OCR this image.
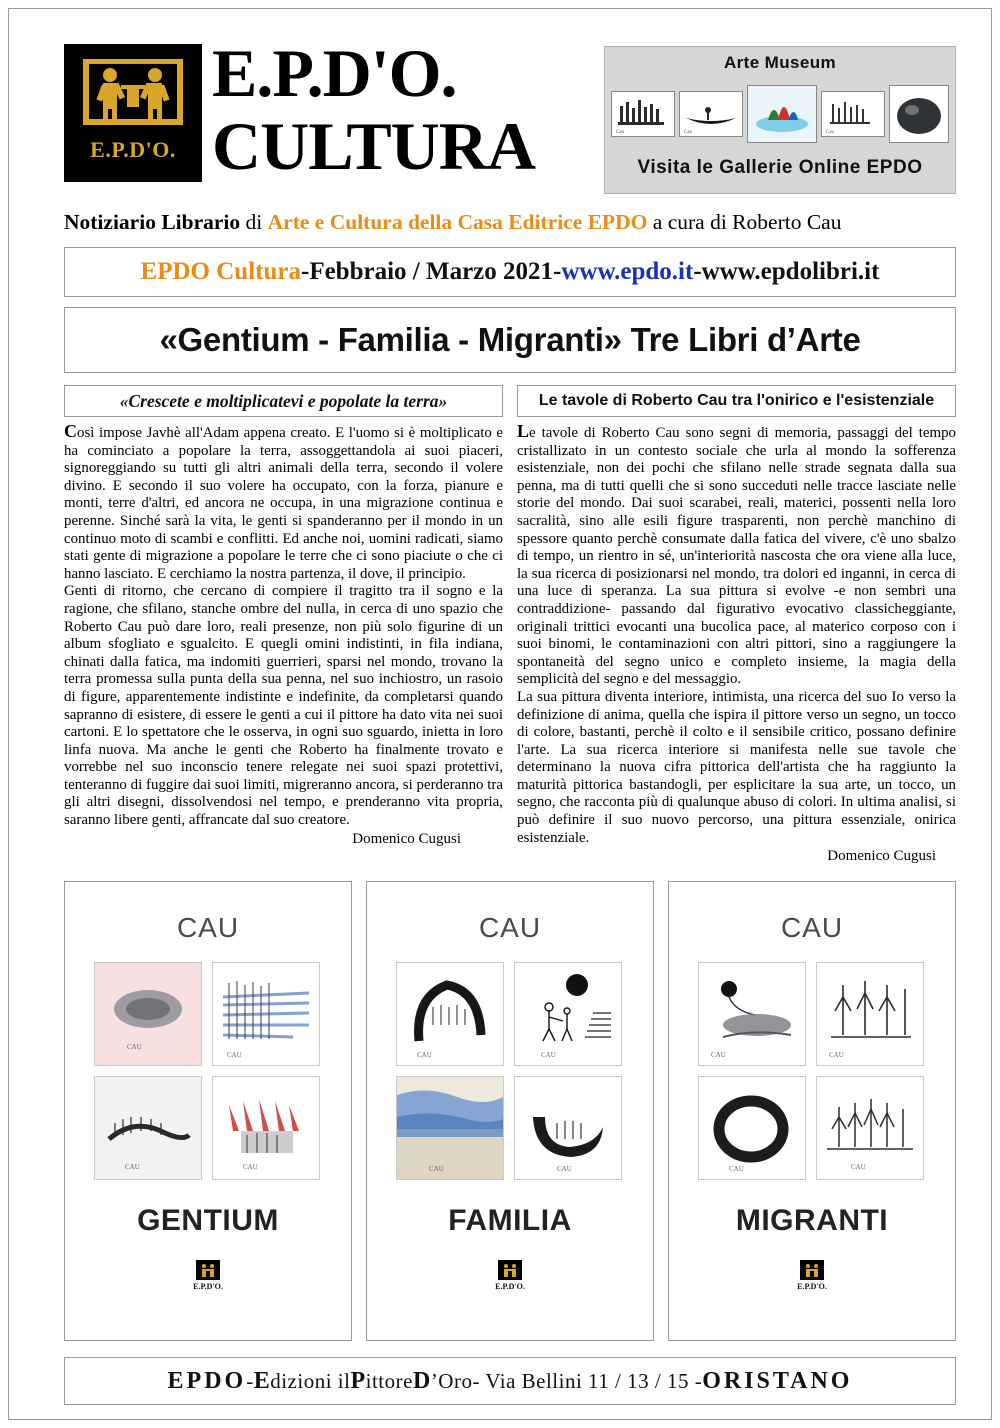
E.P.D'O.
E.P.D'O.
CULTURA
Arte Museum
Cau	Cau	Cau
Visita le Gallerie Online EPDO
Notiziario Librario di Arte e Cultura della Casa Editrice EPDO a cura di Roberto Cau
EPDO Cultura - Febbraio / Marzo 2021 - www.epdo.it - www.epdolibri.it
«Gentium - Familia - Migranti» Tre Libri d’Arte
«Crescete e moltiplicatevi e popolate la terra»

Così impose Javhè all'Adam appena creato. E l'uomo si è moltiplicato e ha cominciato a popolare la terra, assoggettandola ai suoi piaceri, signoreggiando su tutti gli altri animali della terra, secondo il volere divino. E secondo il suo volere ha occupato, con la forza, pianure e monti, terre d'altri, ed ancora ne occupa, in una migrazione continua e perenne. Sinché sarà la vita, le genti si spanderanno per il mondo in un continuo moto di scambi e conflitti. Ed anche noi, uomini radicati, siamo stati gente di migrazione a popolare le terre che ci sono piaciute o che ci hanno lasciato. E cerchiamo la nostra partenza, il dove, il principio.

Genti di ritorno, che cercano di compiere il tragitto tra il sogno e la ragione, che sfilano, stanche ombre del nulla, in cerca di uno spazio che Roberto Cau può dare loro, reali presenze, non più solo figurine di un album sfogliato e sgualcito. E quegli omini indistinti, in fila indiana, chinati dalla fatica, ma indomiti guerrieri, sparsi nel mondo, trovano la terra promessa sulla punta della sua penna, nel suo inchiostro, un rasoio di figure, apparentemente indistinte e indefinite, da completarsi quando sapranno di esistere, di essere le genti a cui il pittore ha dato vita nei suoi cartoni. E lo spettatore che le osserva, in ogni suo sguardo, inietta in loro linfa nuova. Ma anche le genti che Roberto ha finalmente trovato e vorrebbe nel suo inconscio tenere relegate nei suoi spazi protettivi, tenteranno di fuggire dai suoi limiti, migreranno ancora, si perderanno tra gli altri disegni, dissolvendosi nel tempo, e prenderanno vita propria, saranno libere genti, affrancate dal suo creatore.

Domenico Cugusi
Le tavole di Roberto Cau tra l'onirico e l'esistenziale

Le tavole di Roberto Cau sono segni di memoria, passaggi del tempo cristallizato in un contesto sociale che urla al mondo la sofferenza esistenziale, non dei pochi che sfilano nelle strade segnata dalla sua penna, ma di tutti quelli che si sono succeduti nelle tracce lasciate nelle storie del mondo. Dai suoi scarabei, reali, materici, possenti nella loro sacralità, sino alle esili figure trasparenti, non perchè manchino di spessore quanto perchè consumate dalla fatica del vivere, c'è uno sbalzo di tempo, un rientro in sé, un'interiorità nascosta che ora viene alla luce, la sua ricerca di posizionarsi nel mondo, tra dolori ed inganni, in cerca di una luce di speranza. La sua pittura si evolve -e non sembri una contraddizione- passando dal figurativo evocativo classicheggiante, originali trittici evocanti una bucolica pace, al materico corposo con i suoi binomi, le contaminazioni con altri pittori, sino a raggiungere la spontaneità del segno unico e completo insieme, la magia della semplicità del segno e del messaggio.

La sua pittura diventa interiore, intimista, una ricerca del suo Io verso la definizione di anima, quella che ispira il pittore verso un segno, un tocco di colore, bastanti, perchè il colto e il sensibile critico, possano definire l'arte. La sua ricerca interiore si manifesta nelle sue tavole che determinano la nuova cifra pittorica dell'artista che ha raggiunto la maturità pittorica bastandogli, per esplicitare la sua arte, un tocco, un segno, che racconta più di qualunque abuso di colori. In ultima analisi, si può definire il suo nuovo percorso, una pittura essenziale, onirica esistenziale.

Domenico Cugusi
CAU
CAU
CAU
CAU	CAU
GENTIUM
E.P.D'O.
CAU
CAU	CAU
CAU	CAU
FAMILIA
E.P.D'O.
CAU
CAU	CAU
CAU	CAU
MIGRANTI
E.P.D'O.
EPDO - E dizioni il P ittore D ’Oro - Via Bellini 11 / 13 / 15 - ORISTANO
